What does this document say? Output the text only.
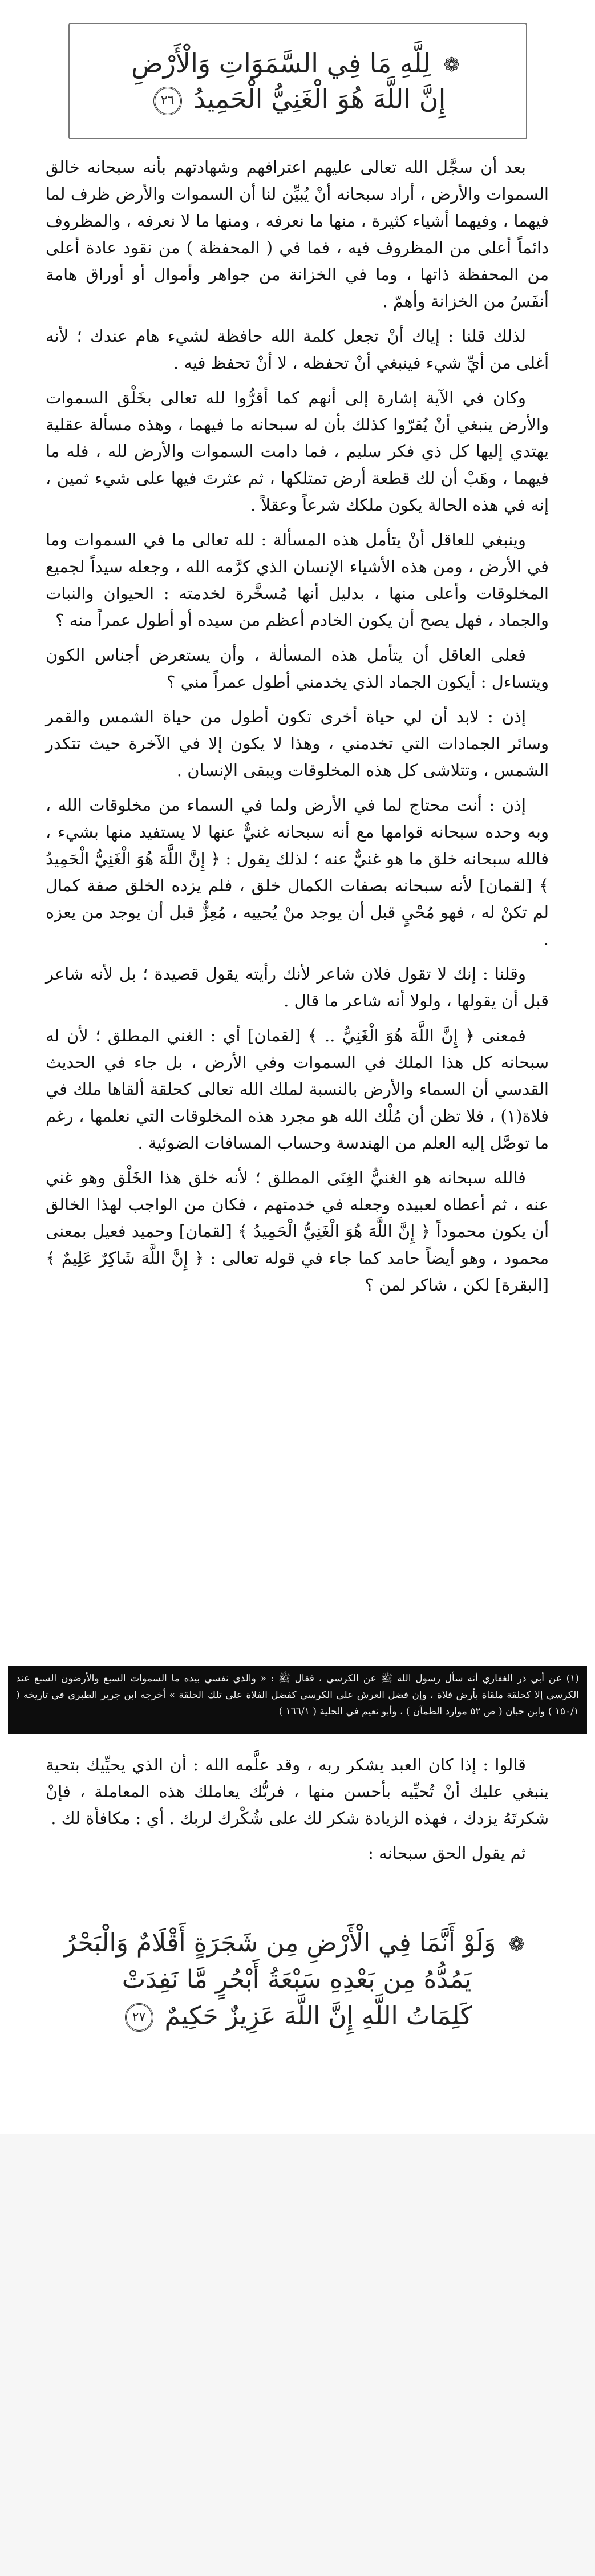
❁ لِلَّهِ مَا فِي السَّمَوَاتِ وَالْأَرْضِ
إِنَّ اللَّهَ هُوَ الْغَنِيُّ الْحَمِيدُ ٢٦

بعد أن سجَّل الله تعالى عليهم اعترافهم وشهادتهم بأنه سبحانه خالق السموات والأرض ، أراد سبحانه أنْ يُبيِّن لنا أن السموات والأرض ظرف لما فيهما ، وفيهما أشياء كثيرة ، منها ما نعرفه ، ومنها ما لا نعرفه ، والمظروف دائماً أعلى من المظروف فيه ، فما في ( المحفظة ) من نقود عادة أعلى من المحفظة ذاتها ، وما في الخزانة من جواهر وأموال أو أوراق هامة أنفَسُ من الخزانة وأهمّ .

لذلك قلنا : إياك أنْ تجعل كلمة الله حافظة لشيء هام عندك ؛ لأنه أغلى من أيِّ شيء فينبغي أنْ تحفظه ، لا أنْ تحفظ فيه .

وكان في الآية إشارة إلى أنهم كما أقرُّوا لله تعالى بخَلْق السموات والأرض ينبغي أنْ يُقرّوا كذلك بأن له سبحانه ما فيهما ، وهذه مسألة عقلية يهتدي إليها كل ذي فكر سليم ، فما دامت السموات والأرض لله ، فله ما فيهما ، وهَبْ أن لك قطعة أرض تمتلكها ، ثم عثرتَ فيها على شيء ثمين ، إنه في هذه الحالة يكون ملكك شرعاً وعقلاً .

وينبغي للعاقل أنْ يتأمل هذه المسألة : لله تعالى ما في السموات وما في الأرض ، ومن هذه الأشياء الإنسان الذي كرَّمه الله ، وجعله سيداً لجميع المخلوقات وأعلى منها ، بدليل أنها مُسخَّرة لخدمته : الحيوان والنبات والجماد ، فهل يصح أن يكون الخادم أعظم من سيده أو أطول عمراً منه ؟

فعلى العاقل أن يتأمل هذه المسألة ، وأن يستعرض أجناس الكون ويتساءل : أيكون الجماد الذي يخدمني أطول عمراً مني ؟

إذن : لابد أن لي حياة أخرى تكون أطول من حياة الشمس والقمر وسائر الجمادات التي تخدمني ، وهذا لا يكون إلا في الآخرة حيث تتكدر الشمس ، وتتلاشى كل هذه المخلوقات ويبقى الإنسان .

إذن : أنت محتاج لما في الأرض ولما في السماء من مخلوقات الله ، وبه وحده سبحانه قوامها مع أنه سبحانه غنيٌّ عنها لا يستفيد منها بشيء ، فالله سبحانه خلق ما هو غنيٌّ عنه ؛ لذلك يقول : ﴿ إِنَّ اللَّهَ هُوَ الْغَنِيُّ الْحَمِيدُ ﴾ [لقمان] لأنه سبحانه بصفات الكمال خلق ، فلم يزده الخلق صفة كمال لم تكنْ له ، فهو مُحْيٍ قبل أن يوجد منْ يُحييه ، مُعِزٌّ قبل أن يوجد من يعزه .

وقلنا : إنك لا تقول فلان شاعر لأنك رأيته يقول قصيدة ؛ بل لأنه شاعر قبل أن يقولها ، ولولا أنه شاعر ما قال .

فمعنى ﴿ إِنَّ اللَّهَ هُوَ الْغَنِيُّ .. ﴾ [لقمان] أي : الغني المطلق ؛ لأن له سبحانه كل هذا الملك في السموات وفي الأرض ، بل جاء في الحديث القدسي أن السماء والأرض بالنسبة لملك الله تعالى كحلقة ألقاها ملك في فلاة(١) ، فلا تظن أن مُلْك الله هو مجرد هذه المخلوقات التي نعلمها ، رغم ما توصَّل إليه العلم من الهندسة وحساب المسافات الضوئية .

فالله سبحانه هو الغنيُّ الغِنَى المطلق ؛ لأنه خلق هذا الخَلْق وهو غني عنه ، ثم أعطاه لعبيده وجعله في خدمتهم ، فكان من الواجب لهذا الخالق أن يكون محموداً ﴿ إِنَّ اللَّهَ هُوَ الْغَنِيُّ الْحَمِيدُ ﴾ [لقمان] وحميد فعيل بمعنى محمود ، وهو أيضاً حامد كما جاء في قوله تعالى : ﴿ إِنَّ اللَّهَ شَاكِرٌ عَلِيمٌ ﴾ [البقرة] لكن ، شاكر لمن ؟

(١) عن أبي ذر الغفاري أنه سأل رسول الله ﷺ عن الكرسي ، فقال ﷺ : « والذي نفسي بيده ما السموات السبع والأرضون السبع عند الكرسي إلا كحلقة ملقاة بأرض فلاة ، وإن فضل العرش على الكرسي كفضل الفلاة على تلك الحلقة » أخرجه ابن جرير الطبري في تاريخه ( ١٥٠/١ ) وابن حبان ( ص ٥٢ موارد الظمآن ) ، وأبو نعيم في الحلية ( ١٦٦/١ )

قالوا : إذا كان العبد يشكر ربه ، وقد علَّمه الله : أن الذي يحيِّيك بتحية ينبغي عليك أنْ تُحيِّيه بأحسن منها ، فربُّك يعاملك هذه المعاملة ، فإنْ شكرتَهُ يزدك ، فهذه الزيادة شكر لك على شُكْرك لربك . أي : مكافأة لك .

ثم يقول الحق سبحانه :

❁ وَلَوْ أَنَّمَا فِي الْأَرْضِ مِن شَجَرَةٍ أَقْلَامٌ وَالْبَحْرُ
يَمُدُّهُ مِن بَعْدِهِ سَبْعَةُ أَبْحُرٍ مَّا نَفِدَتْ
كَلِمَاتُ اللَّهِ إِنَّ اللَّهَ عَزِيزٌ حَكِيمٌ ٢٧
